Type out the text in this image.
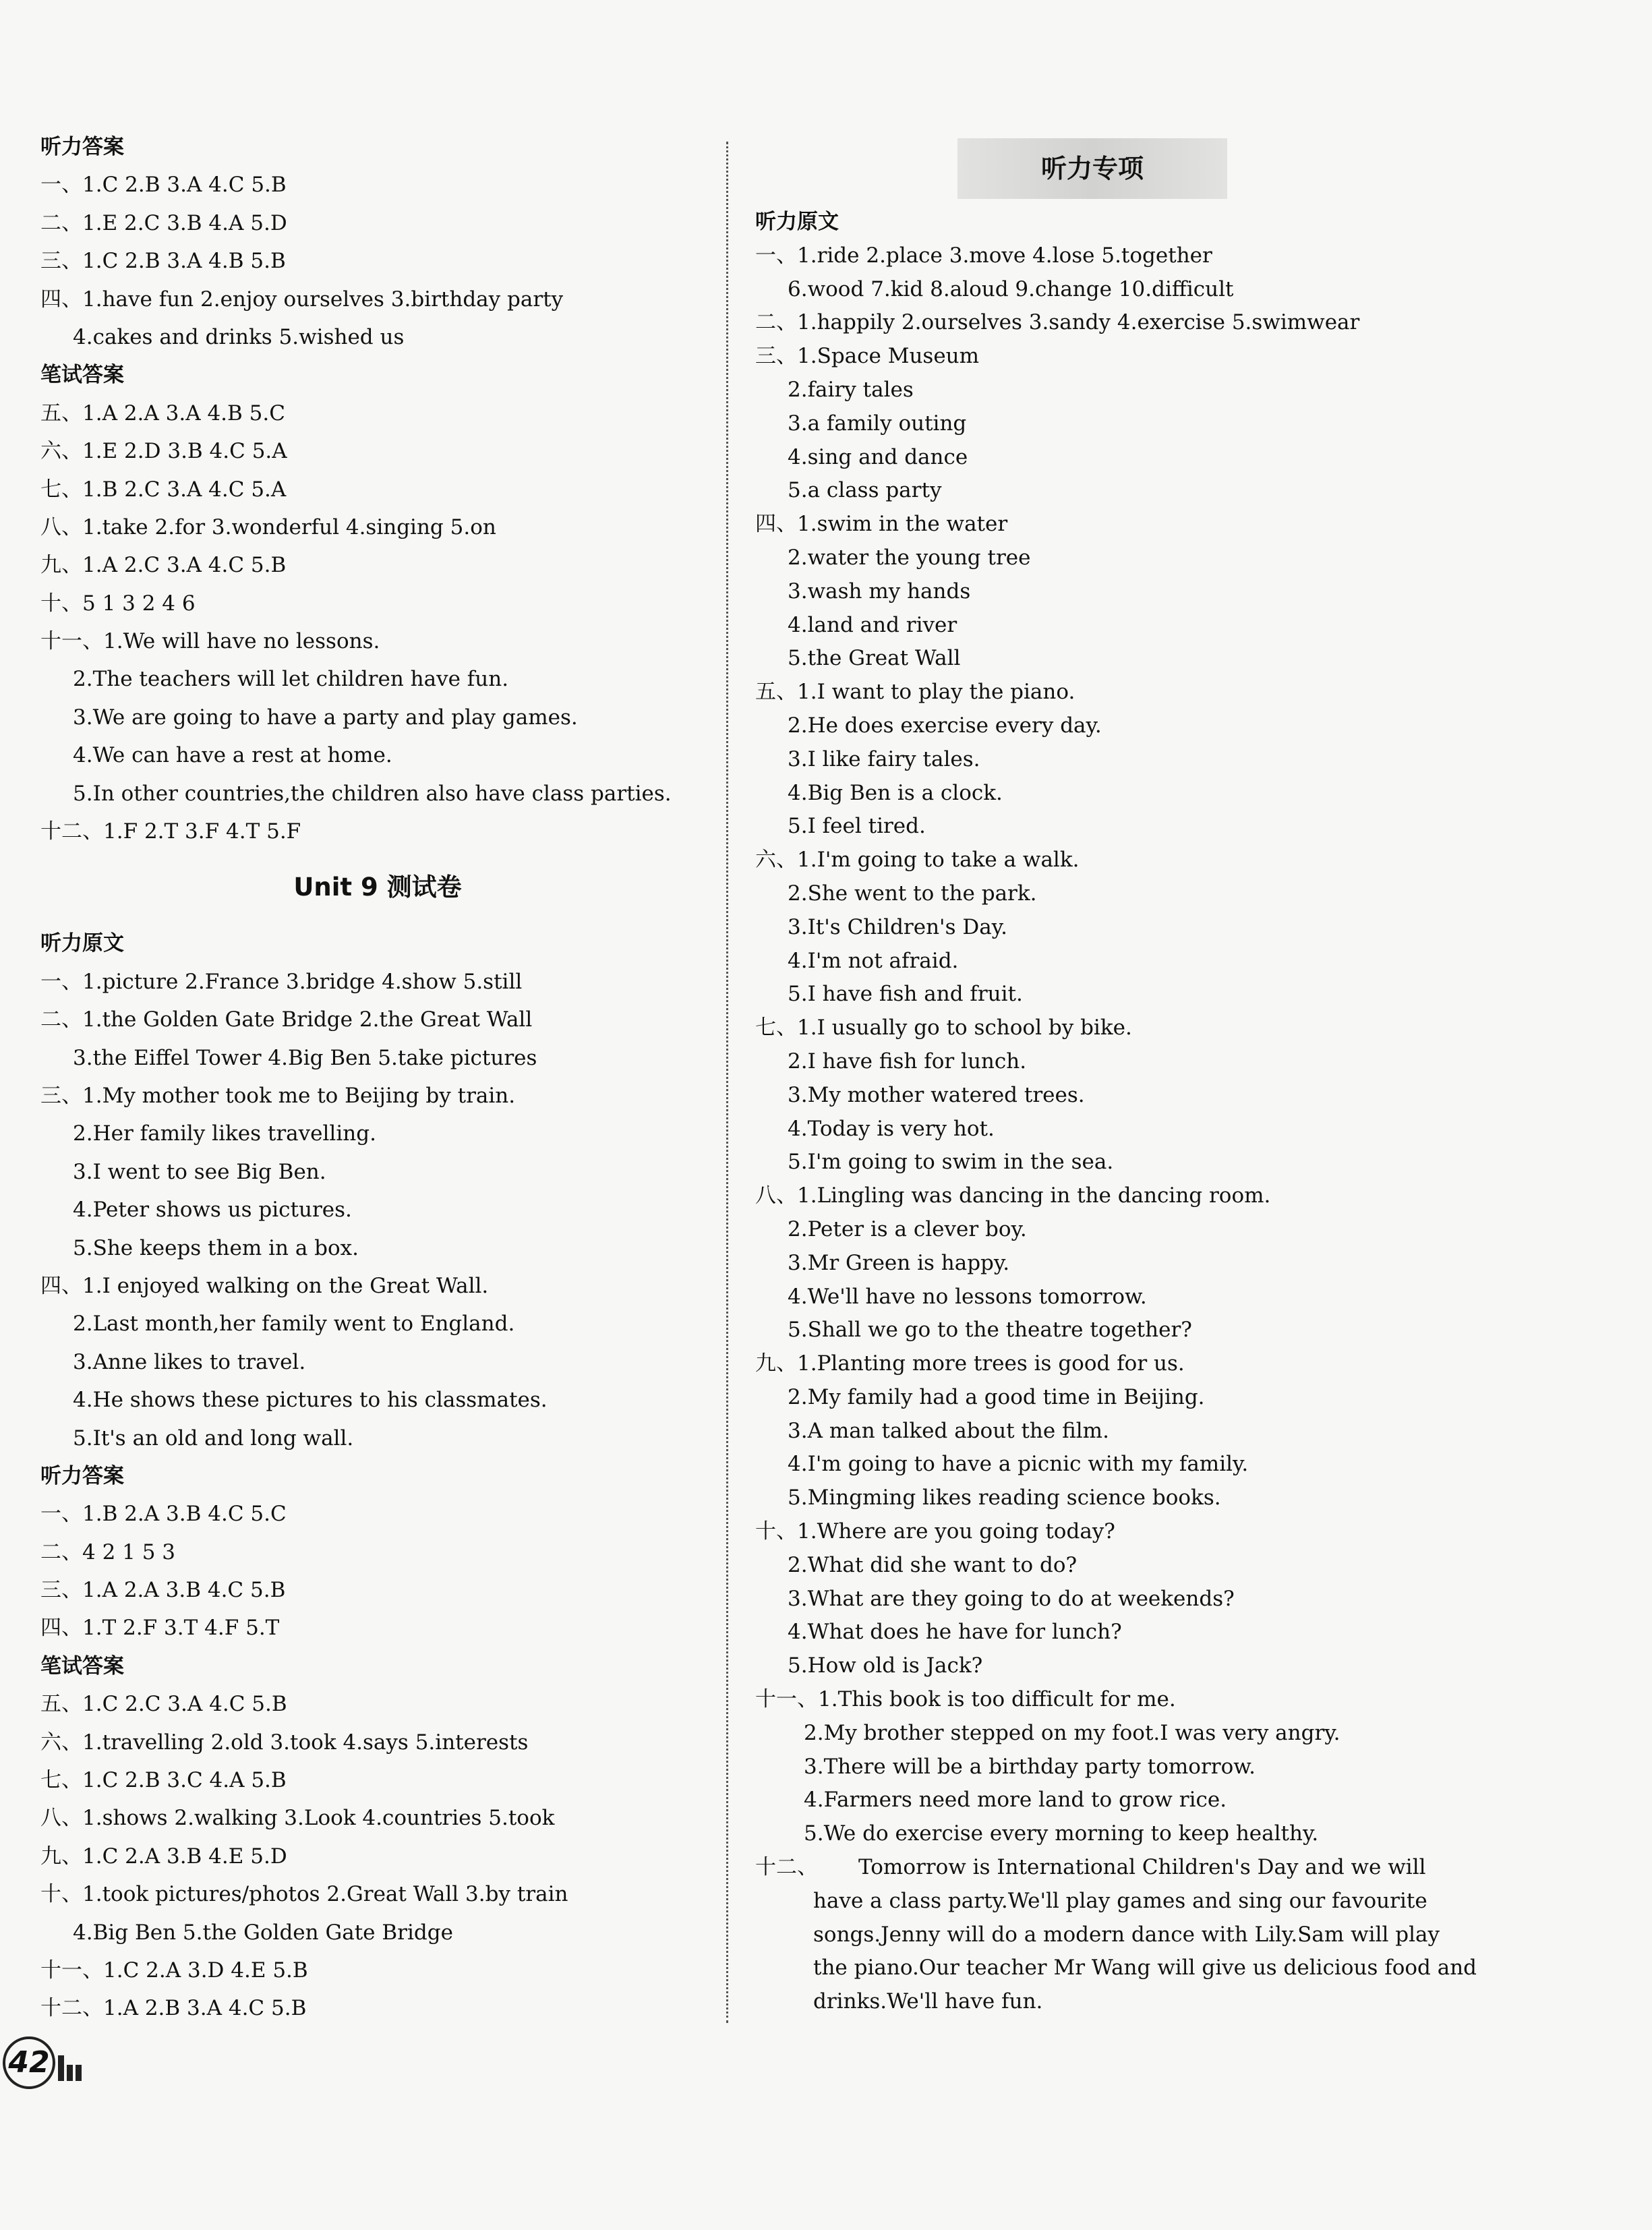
听力答案
一、1.C 2.B 3.A 4.C 5.B
二、1.E 2.C 3.B 4.A 5.D
三、1.C 2.B 3.A 4.B 5.B
四、1.have fun 2.enjoy ourselves 3.birthday party
4.cakes and drinks 5.wished us
笔试答案
五、1.A 2.A 3.A 4.B 5.C
六、1.E 2.D 3.B 4.C 5.A
七、1.B 2.C 3.A 4.C 5.A
八、1.take 2.for 3.wonderful 4.singing 5.on
九、1.A 2.C 3.A 4.C 5.B
十、5 1 3 2 4 6
十一、1.We will have no lessons.
2.The teachers will let children have fun.
3.We are going to have a party and play games.
4.We can have a rest at home.
5.In other countries,the children also have class parties.
十二、1.F 2.T 3.F 4.T 5.F
Unit 9 测试卷
听力原文
一、1.picture 2.France 3.bridge 4.show 5.still
二、1.the Golden Gate Bridge 2.the Great Wall
3.the Eiffel Tower 4.Big Ben 5.take pictures
三、1.My mother took me to Beijing by train.
2.Her family likes travelling.
3.I went to see Big Ben.
4.Peter shows us pictures.
5.She keeps them in a box.
四、1.I enjoyed walking on the Great Wall.
2.Last month,her family went to England.
3.Anne likes to travel.
4.He shows these pictures to his classmates.
5.It's an old and long wall.
听力答案
一、1.B 2.A 3.B 4.C 5.C
二、4 2 1 5 3
三、1.A 2.A 3.B 4.C 5.B
四、1.T 2.F 3.T 4.F 5.T
笔试答案
五、1.C 2.C 3.A 4.C 5.B
六、1.travelling 2.old 3.took 4.says 5.interests
七、1.C 2.B 3.C 4.A 5.B
八、1.shows 2.walking 3.Look 4.countries 5.took
九、1.C 2.A 3.B 4.E 5.D
十、1.took pictures/photos 2.Great Wall 3.by train
4.Big Ben 5.the Golden Gate Bridge
十一、1.C 2.A 3.D 4.E 5.B
十二、1.A 2.B 3.A 4.C 5.B
听力专项
听力原文
一、1.ride 2.place 3.move 4.lose 5.together
6.wood 7.kid 8.aloud 9.change 10.difficult
二、1.happily 2.ourselves 3.sandy 4.exercise 5.swimwear
三、1.Space Museum
2.fairy tales
3.a family outing
4.sing and dance
5.a class party
四、1.swim in the water
2.water the young tree
3.wash my hands
4.land and river
5.the Great Wall
五、1.I want to play the piano.
2.He does exercise every day.
3.I like fairy tales.
4.Big Ben is a clock.
5.I feel tired.
六、1.I'm going to take a walk.
2.She went to the park.
3.It's Children's Day.
4.I'm not afraid.
5.I have fish and fruit.
七、1.I usually go to school by bike.
2.I have fish for lunch.
3.My mother watered trees.
4.Today is very hot.
5.I'm going to swim in the sea.
八、1.Lingling was dancing in the dancing room.
2.Peter is a clever boy.
3.Mr Green is happy.
4.We'll have no lessons tomorrow.
5.Shall we go to the theatre together?
九、1.Planting more trees is good for us.
2.My family had a good time in Beijing.
3.A man talked about the film.
4.I'm going to have a picnic with my family.
5.Mingming likes reading science books.
十、1.Where are you going today?
2.What did she want to do?
3.What are they going to do at weekends?
4.What does he have for lunch?
5.How old is Jack?
十一、1.This book is too difficult for me.
2.My brother stepped on my foot.I was very angry.
3.There will be a birthday party tomorrow.
4.Farmers need more land to grow rice.
5.We do exercise every morning to keep healthy.
十二、 Tomorrow is International Children's Day and we will
have a class party.We'll play games and sing our favourite
songs.Jenny will do a modern dance with Lily.Sam will play
the piano.Our teacher Mr Wang will give us delicious food and
drinks.We'll have fun.
42
